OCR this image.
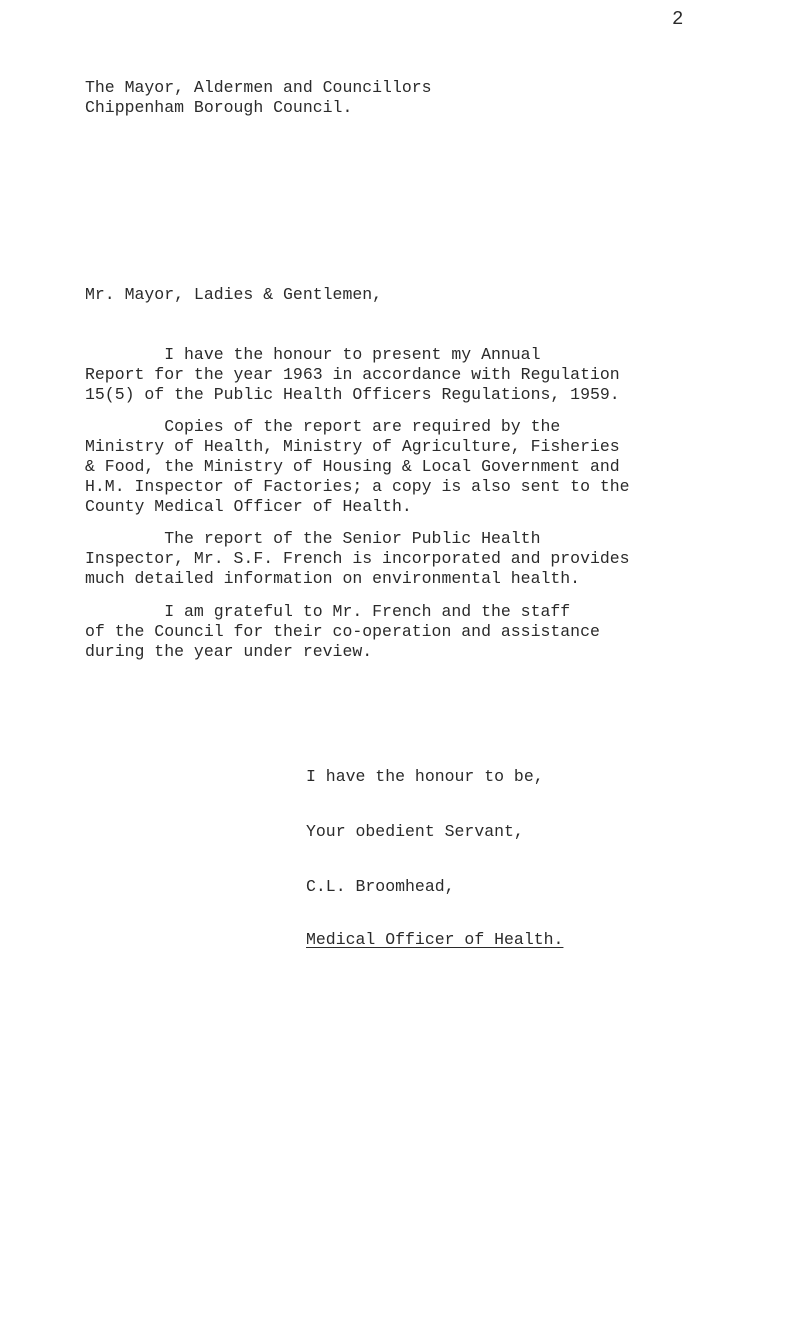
2

The Mayor, Aldermen and Councillors

Chippenham Borough Council.

Mr. Mayor, Ladies & Gentlemen,

I have the honour to present my Annual

Report for the year 1963 in accordance with Regulation

15(5) of the Public Health Officers Regulations, 1959.

Copies of the report are required by the

Ministry of Health, Ministry of Agriculture, Fisheries

& Food, the Ministry of Housing & Local Government and

H.M. Inspector of Factories; a copy is also sent to the

County Medical Officer of Health.

The report of the Senior Public Health

Inspector, Mr. S.F. French is incorporated and provides

much detailed information on environmental health.

I am grateful to Mr. French and the staff

of the Council for their co-operation and assistance

during the year under review.

I have the honour to be,
Your obedient Servant,
C.L. Broomhead,
Medical Officer of Health.
